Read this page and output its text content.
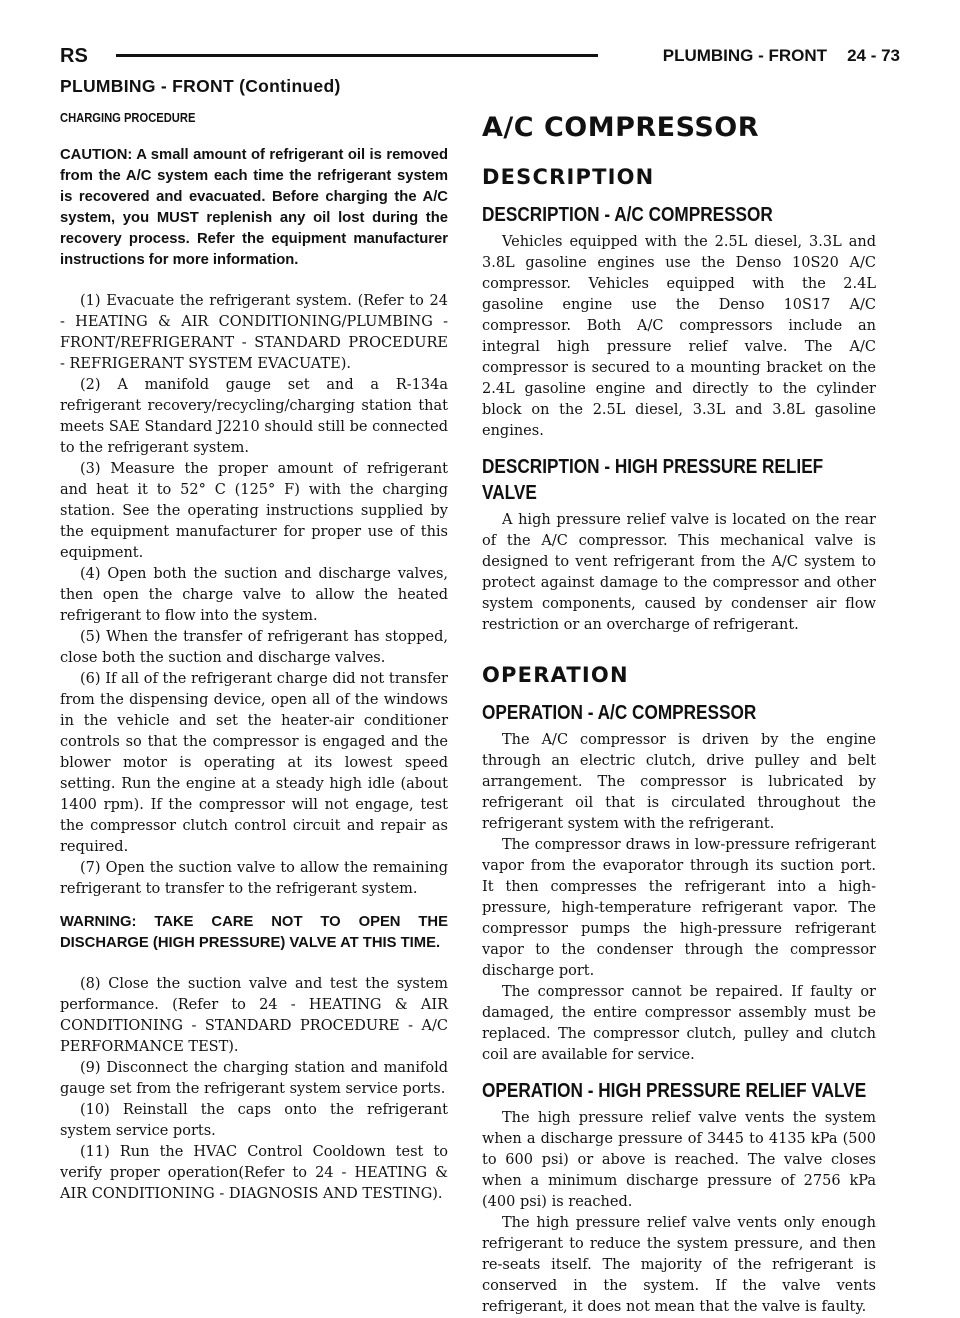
RS	PLUMBING - FRONT 24 - 73
PLUMBING - FRONT (Continued)
CHARGING PROCEDURE
CAUTION: A small amount of refrigerant oil is removed from the A/C system each time the refrigerant system is recovered and evacuated. Before charging the A/C system, you MUST replenish any oil lost during the recovery process. Refer the equipment manufacturer instructions for more information.

(1) Evacuate the refrigerant system. (Refer to 24 - HEATING & AIR CONDITIONING/PLUMBING - FRONT/REFRIGERANT - STANDARD PROCEDURE - REFRIGERANT SYSTEM EVACUATE).

(2) A manifold gauge set and a R-134a refrigerant recovery/recycling/charging station that meets SAE Standard J2210 should still be connected to the refrigerant system.

(3) Measure the proper amount of refrigerant and heat it to 52° C (125° F) with the charging station. See the operating instructions supplied by the equipment manufacturer for proper use of this equipment.

(4) Open both the suction and discharge valves, then open the charge valve to allow the heated refrigerant to flow into the system.

(5) When the transfer of refrigerant has stopped, close both the suction and discharge valves.

(6) If all of the refrigerant charge did not transfer from the dispensing device, open all of the windows in the vehicle and set the heater-air conditioner controls so that the compressor is engaged and the blower motor is operating at its lowest speed setting. Run the engine at a steady high idle (about 1400 rpm). If the compressor will not engage, test the compressor clutch control circuit and repair as required.

(7) Open the suction valve to allow the remaining refrigerant to transfer to the refrigerant system.

WARNING: TAKE CARE NOT TO OPEN THE DISCHARGE (HIGH PRESSURE) VALVE AT THIS TIME.

(8) Close the suction valve and test the system performance. (Refer to 24 - HEATING & AIR CONDITIONING - STANDARD PROCEDURE - A/C PERFORMANCE TEST).

(9) Disconnect the charging station and manifold gauge set from the refrigerant system service ports.

(10) Reinstall the caps onto the refrigerant system service ports.

(11) Run the HVAC Control Cooldown test to verify proper operation(Refer to 24 - HEATING & AIR CONDITIONING - DIAGNOSIS AND TESTING).

A/C COMPRESSOR
DESCRIPTION
DESCRIPTION - A/C COMPRESSOR

Vehicles equipped with the 2.5L diesel, 3.3L and 3.8L gasoline engines use the Denso 10S20 A/C compressor. Vehicles equipped with the 2.4L gasoline engine use the Denso 10S17 A/C compressor. Both A/C compressors include an integral high pressure relief valve. The A/C compressor is secured to a mounting bracket on the 2.4L gasoline engine and directly to the cylinder block on the 2.5L diesel, 3.3L and 3.8L gasoline engines.

DESCRIPTION - HIGH PRESSURE RELIEF VALVE

A high pressure relief valve is located on the rear of the A/C compressor. This mechanical valve is designed to vent refrigerant from the A/C system to protect against damage to the compressor and other system components, caused by condenser air flow restriction or an overcharge of refrigerant.

OPERATION
OPERATION - A/C COMPRESSOR

The A/C compressor is driven by the engine through an electric clutch, drive pulley and belt arrangement. The compressor is lubricated by refrigerant oil that is circulated throughout the refrigerant system with the refrigerant.

The compressor draws in low-pressure refrigerant vapor from the evaporator through its suction port. It then compresses the refrigerant into a high-pressure, high-temperature refrigerant vapor. The compressor pumps the high-pressure refrigerant vapor to the condenser through the compressor discharge port.

The compressor cannot be repaired. If faulty or damaged, the entire compressor assembly must be replaced. The compressor clutch, pulley and clutch coil are available for service.

OPERATION - HIGH PRESSURE RELIEF VALVE

The high pressure relief valve vents the system when a discharge pressure of 3445 to 4135 kPa (500 to 600 psi) or above is reached. The valve closes when a minimum discharge pressure of 2756 kPa (400 psi) is reached.

The high pressure relief valve vents only enough refrigerant to reduce the system pressure, and then re-seats itself. The majority of the refrigerant is conserved in the system. If the valve vents refrigerant, it does not mean that the valve is faulty.
